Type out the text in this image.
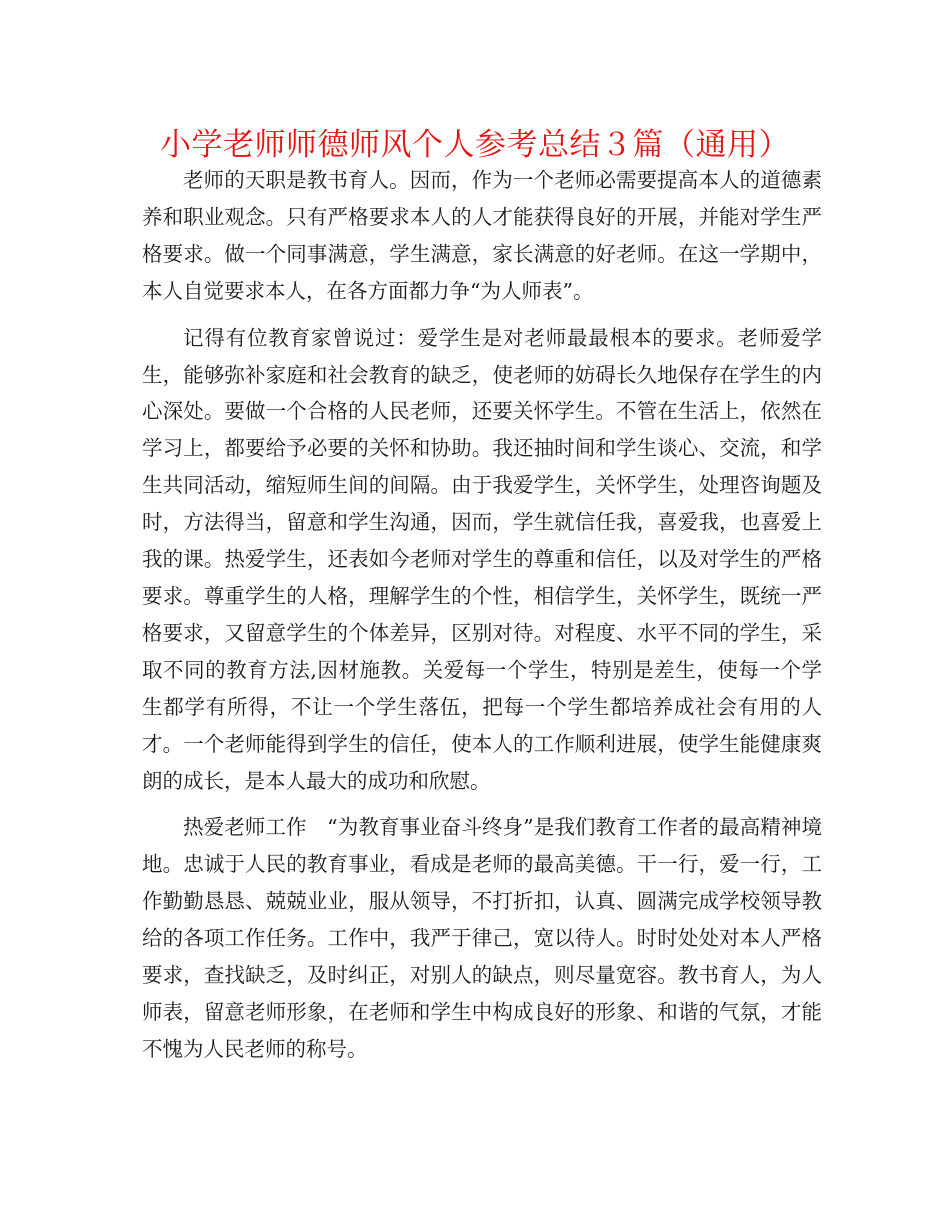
小学老师师德师风个人参考总结３篇（通用）

老师的天职是教书育人。因而，作为一个老师必需要提高本人的道德素养和职业观念。只有严格要求本人的人才能获得良好的开展，并能对学生严格要求。做一个同事满意，学生满意，家长满意的好老师。在这一学期中，本人自觉要求本人，在各方面都力争“为人师表”。

记得有位教育家曾说过：爱学生是对老师最最根本的要求。老师爱学生，能够弥补家庭和社会教育的缺乏，使老师的妨碍长久地保存在学生的内心深处。要做一个合格的人民老师，还要关怀学生。不管在生活上，依然在学习上，都要给予必要的关怀和协助。我还抽时间和学生谈心、交流，和学生共同活动，缩短师生间的间隔。由于我爱学生，关怀学生，处理咨询题及时，方法得当，留意和学生沟通，因而，学生就信任我，喜爱我，也喜爱上我的课。热爱学生，还表如今老师对学生的尊重和信任，以及对学生的严格要求。尊重学生的人格，理解学生的个性，相信学生，关怀学生，既统一严格要求，又留意学生的个体差异，区别对待。对程度、水平不同的学生，采取不同的教育方法,因材施教。关爱每一个学生，特别是差生，使每一个学生都学有所得，不让一个学生落伍，把每一个学生都培养成社会有用的人才。一个老师能得到学生的信任，使本人的工作顺利进展，使学生能健康爽朗的成长，是本人最大的成功和欣慰。

热爱老师工作　“为教育事业奋斗终身”是我们教育工作者的最高精神境地。忠诚于人民的教育事业，看成是老师的最高美德。干一行，爱一行，工作勤勤恳恳、兢兢业业，服从领导，不打折扣，认真、圆满完成学校领导教给的各项工作任务。工作中，我严于律己，宽以待人。时时处处对本人严格要求，查找缺乏，及时纠正，对别人的缺点，则尽量宽容。教书育人，为人师表，留意老师形象，在老师和学生中构成良好的形象、和谐的气氛，才能不愧为人民老师的称号。
